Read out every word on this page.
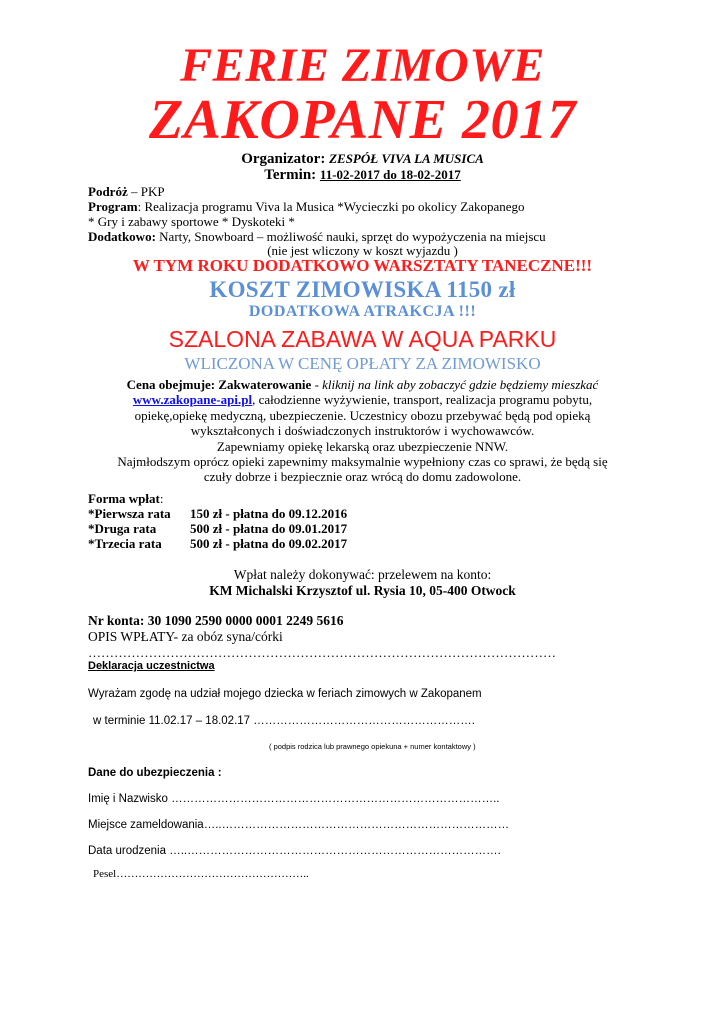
FERIE ZIMOWE
ZAKOPANE 2017
Organizator: ZESPÓŁ VIVA LA MUSICA
Termin: 11-02-2017 do 18-02-2017
Podróż – PKP
Program: Realizacja programu Viva la Musica *Wycieczki po okolicy Zakopanego
* Gry i zabawy sportowe * Dyskoteki *
Dodatkowo: Narty, Snowboard – możliwość nauki, sprzęt do wypożyczenia na miejscu
(nie jest wliczony w koszt wyjazdu )
W TYM ROKU DODATKOWO WARSZTATY TANECZNE!!!
KOSZT ZIMOWISKA 1150 zł
DODATKOWA ATRAKCJA !!!
SZALONA ZABAWA W AQUA PARKU
WLICZONA W CENĘ OPŁATY ZA ZIMOWISKO
Cena obejmuje: Zakwaterowanie - kliknij na link aby zobaczyć gdzie będziemy mieszkać
www.zakopane-api.pl, całodzienne wyżywienie, transport, realizacja programu pobytu,
opiekę,opiekę medyczną, ubezpieczenie. Uczestnicy obozu przebywać będą pod opieką
wykształconych i doświadczonych instruktorów i wychowawców.
Zapewniamy opiekę lekarską oraz ubezpieczenie NNW.
Najmłodszym oprócz opieki zapewnimy maksymalnie wypełniony czas co sprawi, że będą się
czuły dobrze i bezpiecznie oraz wrócą do domu zadowolone.
Forma wpłat:
*Pierwsza rata 150 zł - płatna do 09.12.2016
*Druga rata	500 zł - płatna do 09.01.2017
*Trzecia rata 500 zł - płatna do 09.02.2017
Wpłat należy dokonywać: przelewem na konto:
KM Michalski Krzysztof ul. Rysia 10, 05-400 Otwock
Nr konta: 30 1090 2590 0000 0001 2249 5616
OPIS WPŁATY- za obóz syna/córki
………………………………………………………………………………………………
Deklaracja uczestnictwa
Wyrażam zgodę na udział mojego dziecka w feriach zimowych w Zakopanem
w terminie 11.02.17 – 18.02.17 ………………………………………………….
( podpis rodzica lub prawnego opiekuna + numer kontaktowy )
Dane do ubezpieczenia :
Imię i Nazwisko …………………………………………………………………………..
Miejsce zameldowania…..…………………………………………………………………
Data urodzenia …..……………………………………………………………………….
Pesel……………………………………………..
